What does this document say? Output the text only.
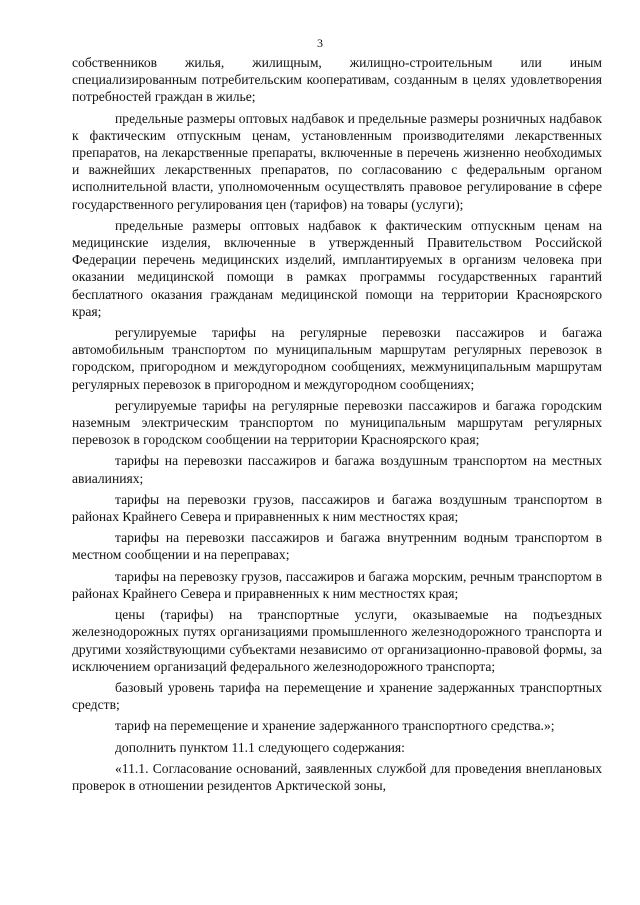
3

собственников жилья, жилищным, жилищно-строительным или иным специализированным потребительским кооперативам, созданным в целях удовлетворения потребностей граждан в жилье;

предельные размеры оптовых надбавок и предельные размеры розничных надбавок к фактическим отпускным ценам, установленным производителями лекарственных препаратов, на лекарственные препараты, включенные в перечень жизненно необходимых и важнейших лекарственных препаратов, по согласованию с федеральным органом исполнительной власти, уполномоченным осуществлять правовое регулирование в сфере государственного регулирования цен (тарифов) на товары (услуги);

предельные размеры оптовых надбавок к фактическим отпускным ценам на медицинские изделия, включенные в утвержденный Правительством Российской Федерации перечень медицинских изделий, имплантируемых в организм человека при оказании медицинской помощи в рамках программы государственных гарантий бесплатного оказания гражданам медицинской помощи на территории Красноярского края;

регулируемые тарифы на регулярные перевозки пассажиров и багажа автомобильным транспортом по муниципальным маршрутам регулярных перевозок в городском, пригородном и междугородном сообщениях, межмуниципальным маршрутам регулярных перевозок в пригородном и междугородном сообщениях;

регулируемые тарифы на регулярные перевозки пассажиров и багажа городским наземным электрическим транспортом по муниципальным маршрутам регулярных перевозок в городском сообщении на территории Красноярского края;

тарифы на перевозки пассажиров и багажа воздушным транспортом на местных авиалиниях;

тарифы на перевозки грузов, пассажиров и багажа воздушным транспортом в районах Крайнего Севера и приравненных к ним местностях края;

тарифы на перевозки пассажиров и багажа внутренним водным транспортом в местном сообщении и на переправах;

тарифы на перевозку грузов, пассажиров и багажа морским, речным транспортом в районах Крайнего Севера и приравненных к ним местностях края;

цены (тарифы) на транспортные услуги, оказываемые на подъездных железнодорожных путях организациями промышленного железнодорожного транспорта и другими хозяйствующими субъектами независимо от организационно-правовой формы, за исключением организаций федерального железнодорожного транспорта;

базовый уровень тарифа на перемещение и хранение задержанных транспортных средств;

тариф на перемещение и хранение задержанного транспортного средства.»;

дополнить пунктом 11.1 следующего содержания:

«11.1. Согласование оснований, заявленных службой для проведения внеплановых проверок в отношении резидентов Арктической зоны,
